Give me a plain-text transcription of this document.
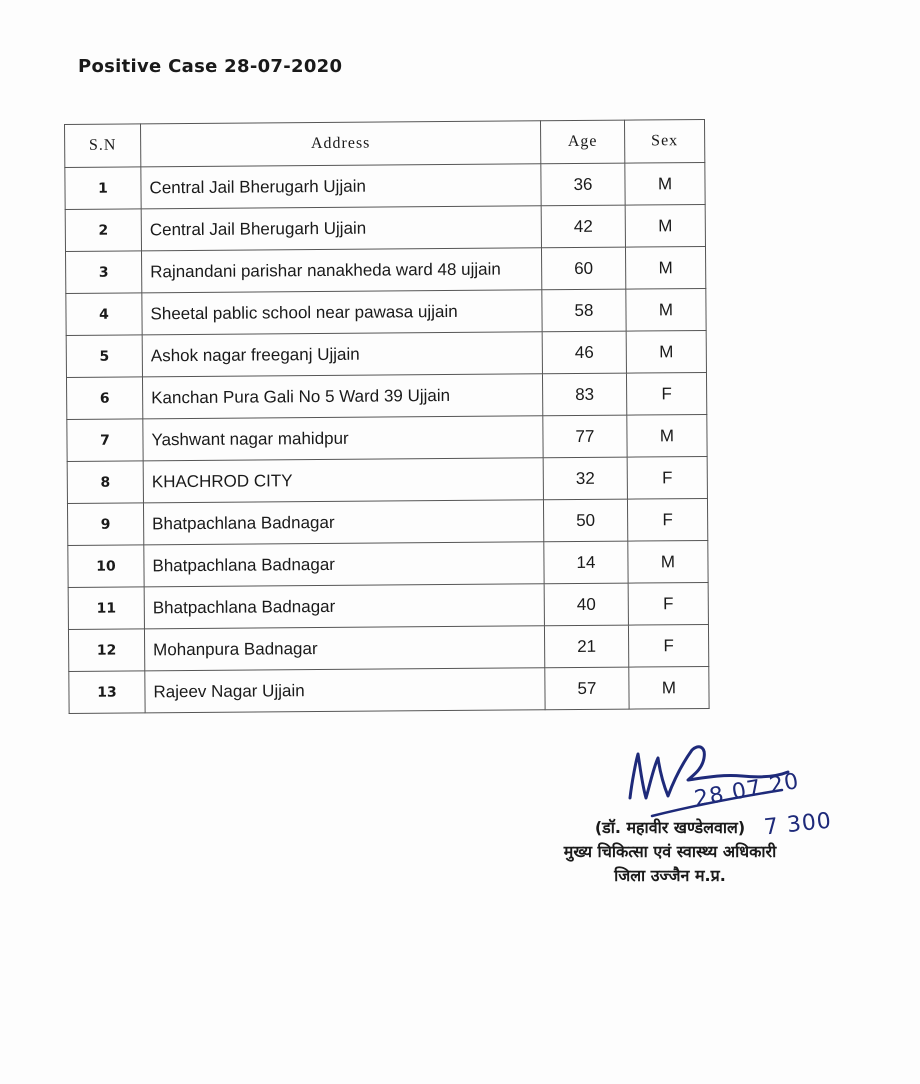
Positive Case 28-07-2020
S.N	Address	Age	Sex
1	Central Jail Bherugarh Ujjain	36	M
2	Central Jail Bherugarh Ujjain	42	M
3	Rajnandani parishar nanakheda ward 48 ujjain	60	M
4	Sheetal pablic school near pawasa ujjain	58	M
5	Ashok nagar freeganj Ujjain	46	M
6	Kanchan Pura Gali No 5 Ward 39 Ujjain	83	F
7	Yashwant nagar mahidpur	77	M
8	KHACHROD CITY	32	F
9	Bhatpachlana Badnagar	50	F
10	Bhatpachlana Badnagar	14	M
11	Bhatpachlana Badnagar	40	F
12	Mohanpura Badnagar	21	F
13	Rajeev Nagar Ujjain	57	M
28 07 20
7 300
(डॉ. महावीर खण्डेलवाल)
मुख्य चिकित्सा एवं स्वास्थ्य अधिकारी
जिला उज्जैन म.प्र.
